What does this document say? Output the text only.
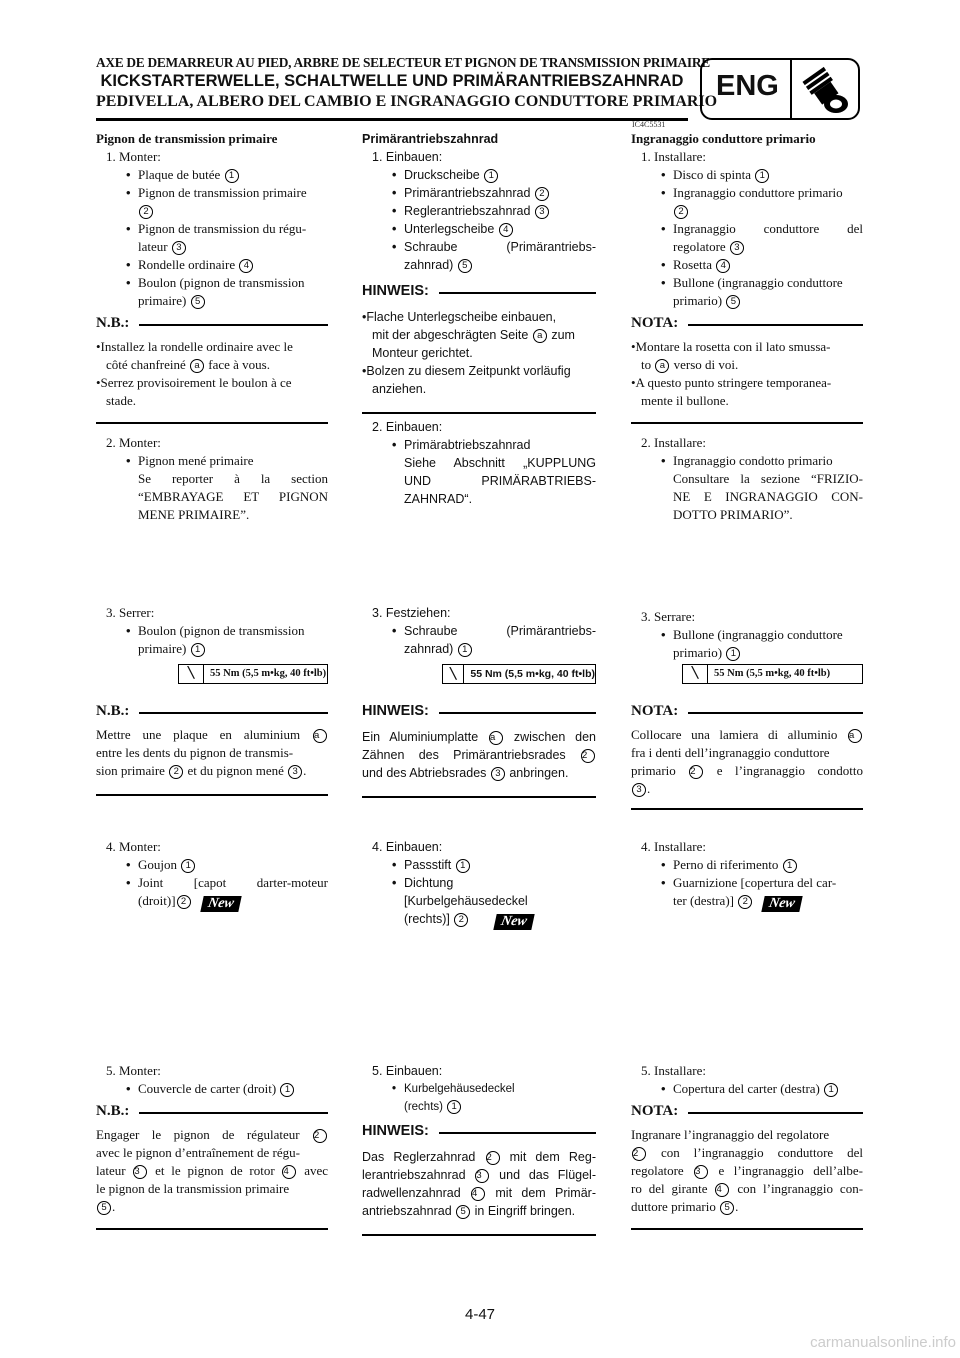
AXE DE DEMARREUR AU PIED, ARBRE DE SELECTEUR ET PIGNON DE TRANSMISSION PRIMAIRE
KICKSTARTERWELLE, SCHALTWELLE UND PRIMÄRANTRIEBSZAHNRAD
PEDIVELLA, ALBERO DEL CAMBIO E INGRANAGGIO CONDUTTORE PRIMARIO
ENG
IC4C5531
Pignon de transmission primaire
1. Monter:
• Plaque de butée 1
• Pignon de transmission primaire
2
• Pignon de transmission du régu-
lateur 3
• Rondelle ordinaire 4
• Boulon (pignon de transmission
primaire) 5
N.B.:
•Installez la rondelle ordinaire avec le
côté chanfreiné a face à vous.
•Serrez provisoirement le boulon à ce
stade.
2. Monter:
• Pignon mené primaire
Se reporter à la section
“EMBRAYAGE ET PIGNON
MENE PRIMAIRE”.
3. Serrer:
• Boulon (pignon de transmission
primaire) 1
╲	55 Nm (5,5 m•kg, 40 ft•lb)
N.B.:
Mettre une plaque en aluminium a
entre les dents du pignon de transmis-
sion primaire 2 et du pignon mené 3 .
4. Monter:
• Goujon 1
• Joint [capot darter-moteur
(droit)] 2 New
5. Monter:
• Couvercle de carter (droit) 1
N.B.:
Engager le pignon de régulateur 2
avec le pignon d’entraînement de régu-
lateur 3 et le pignon de rotor 4 avec
le pignon de la transmission primaire
5 .
Primärantriebszahnrad
1. Einbauen:
• Druckscheibe 1
• Primärantriebszahnrad 2
• Reglerantriebszahnrad 3
• Unterlegscheibe 4
• Schraube (Primärantriebs-
zahnrad) 5
HINWEIS:
•Flache Unterlegscheibe einbauen,
mit der abgeschrägten Seite a zum
Monteur gerichtet.
•Bolzen zu diesem Zeitpunkt vorläufig
anziehen.
2. Einbauen:
• Primärabtriebszahnrad
Siehe Abschnitt „KUPPLUNG
UND PRIMÄRABTRIEBS-
ZAHNRAD“.
3. Festziehen:
• Schraube (Primärantriebs-
zahnrad) 1
╲	55 Nm (5,5 m•kg, 40 ft•lb)
HINWEIS:
Ein Aluminiumplatte a zwischen den
Zähnen des Primärantriebsrades 2
und des Abtriebsrades 3 anbringen.
4. Einbauen:
• Passstift 1
• Dichtung
[Kurbelgehäusedeckel
(rechts)] 2	New
5. Einbauen:
• Kurbelgehäusedeckel
(rechts) 1
HINWEIS:
Das Reglerzahnrad 2 mit dem Reg-
lerantriebszahnrad 3 und das Flügel-
radwellenzahnrad 4 mit dem Primär-
antriebszahnrad 5 in Eingriff bringen.
Ingranaggio conduttore primario
1. Installare:
• Disco di spinta 1
• Ingranaggio conduttore primario
2
• Ingranaggio conduttore del
regolatore 3
• Rosetta 4
• Bullone (ingranaggio conduttore
primario) 5
NOTA:
•Montare la rosetta con il lato smussa-
to a verso di voi.
•A questo punto stringere temporanea-
mente il bullone.
2. Installare:
• Ingranaggio condotto primario
Consultare la sezione “FRIZIO-
NE E INGRANAGGIO CON-
DOTTO PRIMARIO”.
3. Serrare:
• Bullone (ingranaggio conduttore
primario) 1
╲	55 Nm (5,5 m•kg, 40 ft•lb)
NOTA:
Collocare una lamiera di alluminio a
fra i denti dell’ingranaggio conduttore
primario 2 e l’ingranaggio condotto
3 .
4. Installare:
• Perno di riferimento 1
• Guarnizione [copertura del car-
ter (destra)] 2 New
5. Installare:
• Copertura del carter (destra) 1
NOTA:
Ingranare l’ingranaggio del regolatore
2 con l’ingranaggio conduttore del
regolatore 3 e l’ingranaggio dell’albe-
ro del girante 4 con l’ingranaggio con-
duttore primario 5 .
4-47
carmanualsonline.info
